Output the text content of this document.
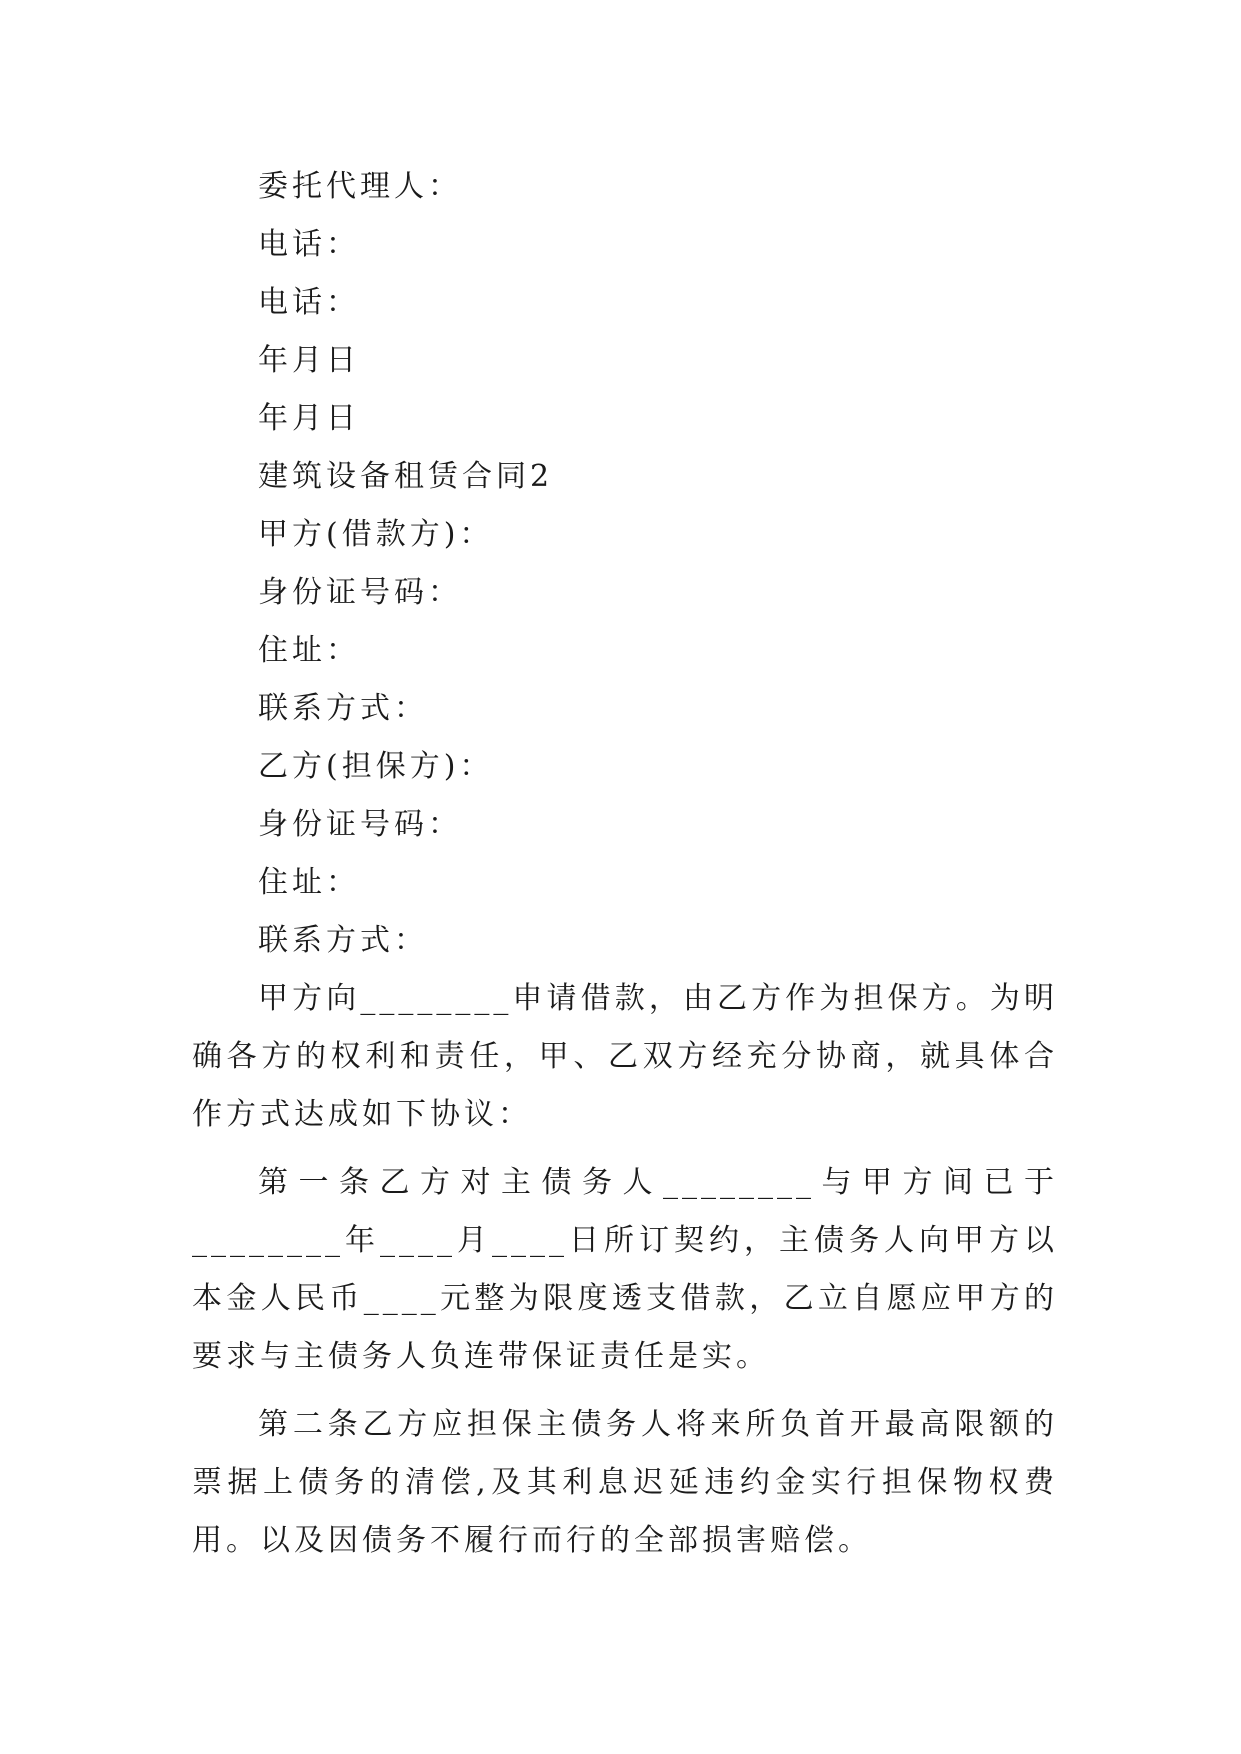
委托代理人：
电话：
电话：
年月日
年月日
建筑设备租赁合同2
甲方(借款方)：
身份证号码：
住址：
联系方式：
乙方(担保方)：
身份证号码：
住址：
联系方式：

甲方向________申请借款，由乙方作为担保方。为明确各方的权利和责任，甲、乙双方经充分协商，就具体合作方式达成如下协议：

第一条乙方对主债务人________与甲方间已于________年____月____日所订契约，主债务人向甲方以本金人民币____元整为限度透支借款，乙立自愿应甲方的要求与主债务人负连带保证责任是实。

第二条乙方应担保主债务人将来所负首开最高限额的票据上债务的清偿,及其利息迟延违约金实行担保物权费用。以及因债务不履行而行的全部损害赔偿。
